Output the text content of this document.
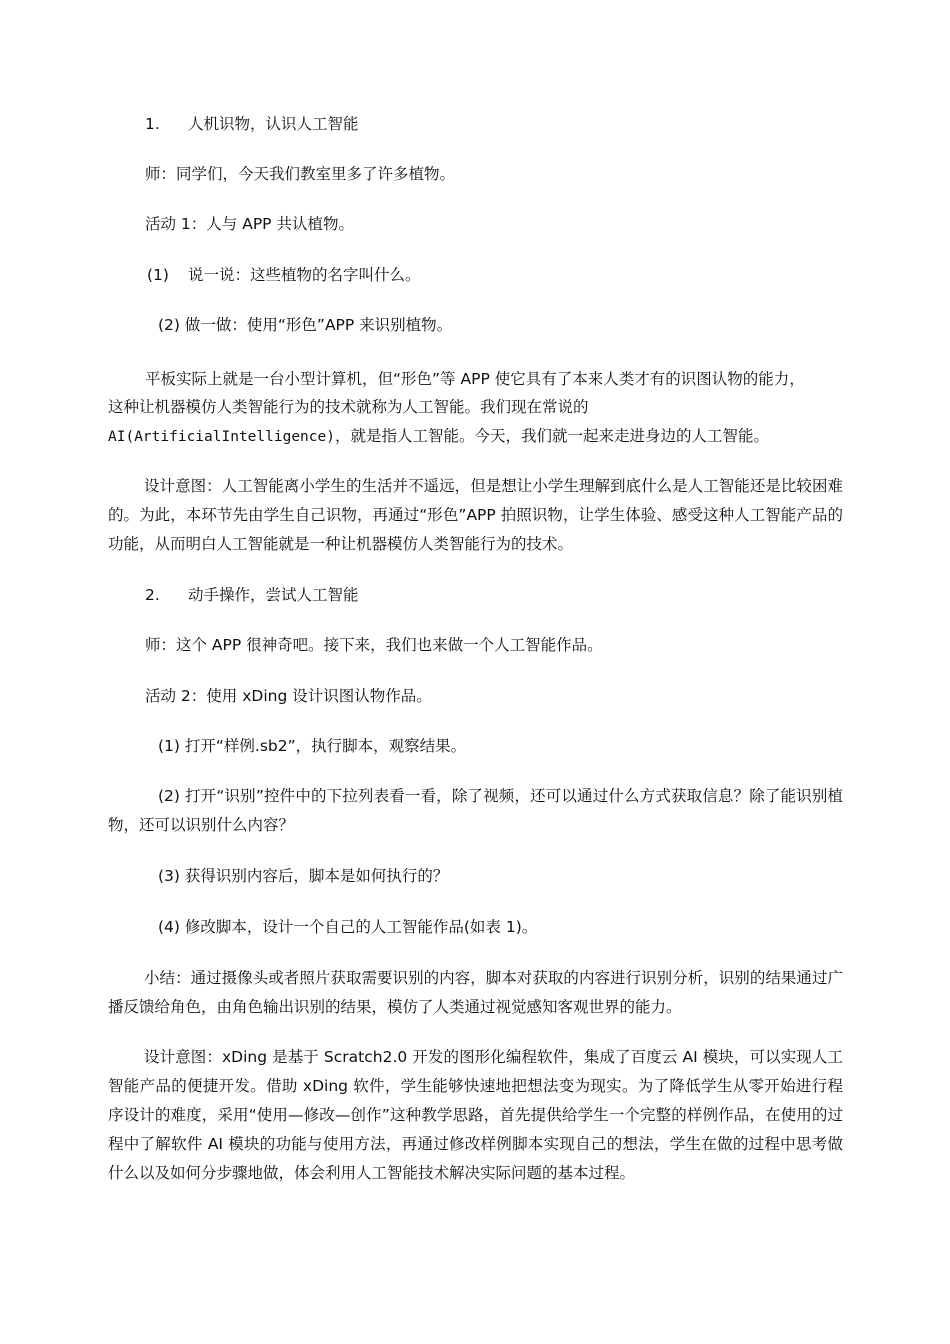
1. 人机识物，认识人工智能
师：同学们，今天我们教室里多了许多植物。
活动 1：人与 APP 共认植物。
(1) 说一说：这些植物的名字叫什么。
(2) 做一做：使用“形色”APP 来识别植物。
平板实际上就是一台小型计算机，但“形色”等 APP 使它具有了本来人类才有的识图认物的能力，
这种让机器模仿人类智能行为的技术就称为人工智能。我们现在常说的
AI(ArtificialIntelligence)，就是指人工智能。今天，我们就一起来走进身边的人工智能。
设计意图：人工智能离小学生的生活并不遥远，但是想让小学生理解到底什么是人工智能还是比较困难的。为此，本环节先由学生自己识物，再通过“形色”APP 拍照识物，让学生体验、感受这种人工智能产品的功能，从而明白人工智能就是一种让机器模仿人类智能行为的技术。
2. 动手操作，尝试人工智能
师：这个 APP 很神奇吧。接下来，我们也来做一个人工智能作品。
活动 2：使用 xDing 设计识图认物作品。
(1) 打开“样例.sb2”，执行脚本，观察结果。
(2) 打开“识别”控件中的下拉列表看一看，除了视频，还可以通过什么方式获取信息？除了能识别植物，还可以识别什么内容？
(3) 获得识别内容后，脚本是如何执行的？
(4) 修改脚本，设计一个自己的人工智能作品(如表 1)。
小结：通过摄像头或者照片获取需要识别的内容，脚本对获取的内容进行识别分析，识别的结果通过广播反馈给角色，由角色输出识别的结果，模仿了人类通过视觉感知客观世界的能力。
设计意图：xDing 是基于 Scratch2.0 开发的图形化编程软件，集成了百度云 AI 模块，可以实现人工智能产品的便捷开发。借助 xDing 软件，学生能够快速地把想法变为现实。为了降低学生从零开始进行程序设计的难度，采用“使用—修改—创作”这种教学思路，首先提供给学生一个完整的样例作品，在使用的过程中了解软件 AI 模块的功能与使用方法，再通过修改样例脚本实现自己的想法，学生在做的过程中思考做什么以及如何分步骤地做，体会利用人工智能技术解决实际问题的基本过程。
